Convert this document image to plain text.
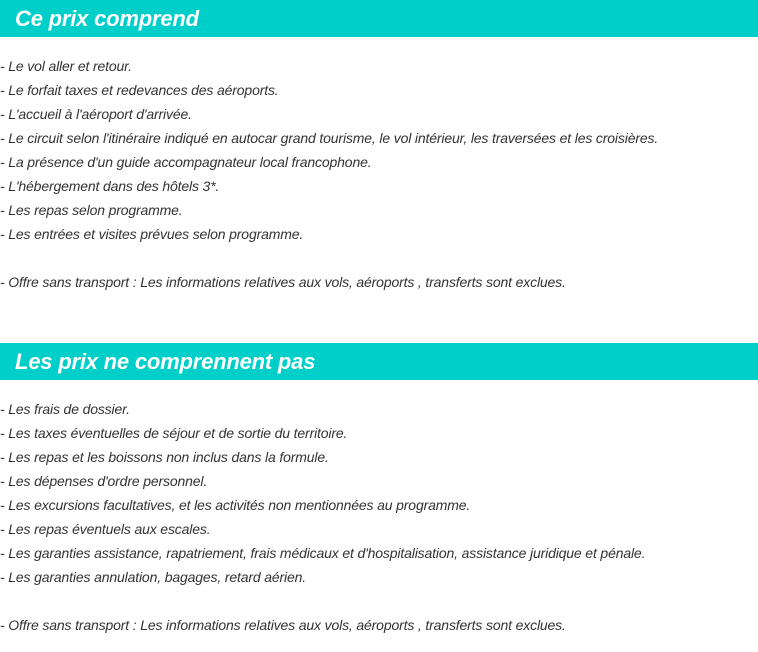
Ce prix comprend
- Le vol aller et retour.
- Le forfait taxes et redevances des aéroports.
- L'accueil à l'aéroport d'arrivée.
- Le circuit selon l'itinéraire indiqué en autocar grand tourisme, le vol intérieur, les traversées et les croisières.
- La présence d'un guide accompagnateur local francophone.
- L'hébergement dans des hôtels 3*.
- Les repas selon programme.
- Les entrées et visites prévues selon programme.
- Offre sans transport : Les informations relatives aux vols, aéroports , transferts sont exclues.
Les prix ne comprennent pas
- Les frais de dossier.
- Les taxes éventuelles de séjour et de sortie du territoire.
- Les repas et les boissons non inclus dans la formule.
- Les dépenses d'ordre personnel.
- Les excursions facultatives, et les activités non mentionnées au programme.
- Les repas éventuels aux escales.
- Les garanties assistance, rapatriement, frais médicaux et d'hospitalisation, assistance juridique et pénale.
- Les garanties annulation, bagages, retard aérien.
- Offre sans transport : Les informations relatives aux vols, aéroports , transferts sont exclues.
